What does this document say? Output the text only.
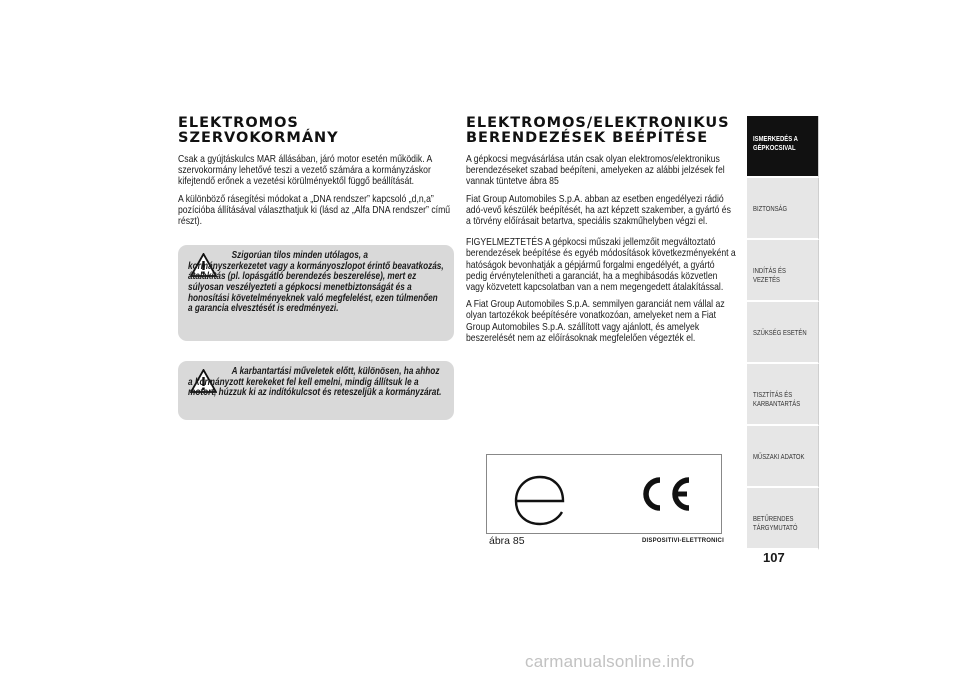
ELEKTROMOS
SZERVOKORMÁNY

Csak a gyújtáskulcs MAR állásában, járó motor esetén működik. A szervokormány lehetővé teszi a vezető számára a kormányzáskor kifejtendő erőnek a vezetési körülményektől függő beállítását.

A különböző rásegítési módokat a „DNA rendszer” kapcsoló „d,n,a” pozícióba állításával választhatjuk ki (lásd az „Alfa DNA rendszer” című részt).

Szigorúan tilos minden utólagos, a kormányszerkezetet vagy a kormányoszlopot érintő beavatkozás, átalakítás (pl. lopásgátló berendezés beszerelése), mert ez súlyosan veszélyezteti a gépkocsi menetbiztonságát és a honosítási követelményeknek való megfelelést, ezen túlmenően a garancia elvesztését is eredményezi.

A karbantartási műveletek előtt, különösen, ha ahhoz a kormányzott kerekeket fel kell emelni, mindig állítsuk le a motort, húzzuk ki az indítókulcsot és reteszeljük a kormányzárat.

ELEKTROMOS/ELEKTRONIKUS
BERENDEZÉSEK BEÉPÍTÉSE

A gépkocsi megvásárlása után csak olyan elektromos/elektronikus berendezéseket szabad beépíteni, amelyeken az alábbi jelzések fel vannak tüntetve ábra 85

Fiat Group Automobiles S.p.A. abban az esetben engedélyezi rádió adó-vevő készülék beépítését, ha azt képzett szakember, a gyártó és a törvény előírásait betartva, speciális szakműhelyben végzi el.

FIGYELMEZTETÉS A gépkocsi műszaki jellemzőit megváltoztató berendezések beépítése és egyéb módosítások következményeként a hatóságok bevonhatják a gépjármű forgalmi engedélyét, a gyártó pedig érvénytelenítheti a garanciát, ha a meghibásodás közvetlen vagy közvetett kapcsolatban van a nem megengedett átalakítással.

A Fiat Group Automobiles S.p.A. semmilyen garanciát nem vállal az olyan tartozékok beépítésére vonatkozóan, amelyeket nem a Fiat Group Automobiles S.p.A. szállított vagy ajánlott, és amelyek beszerelését nem az előírásoknak megfelelően végezték el.

ábra 85	DISPOSITIVI-ELETTRONICI
ISMERKEDÉS A GÉPKOCSIVAL
BIZTONSÁG
INDÍTÁS ÉS VEZETÉS
SZÜKSÉG ESETÉN
TISZTÍTÁS ÉS KARBANTARTÁS
MŰSZAKI ADATOK
BETŰRENDES TÁRGYMUTATÓ
107
carmanualsonline.info
